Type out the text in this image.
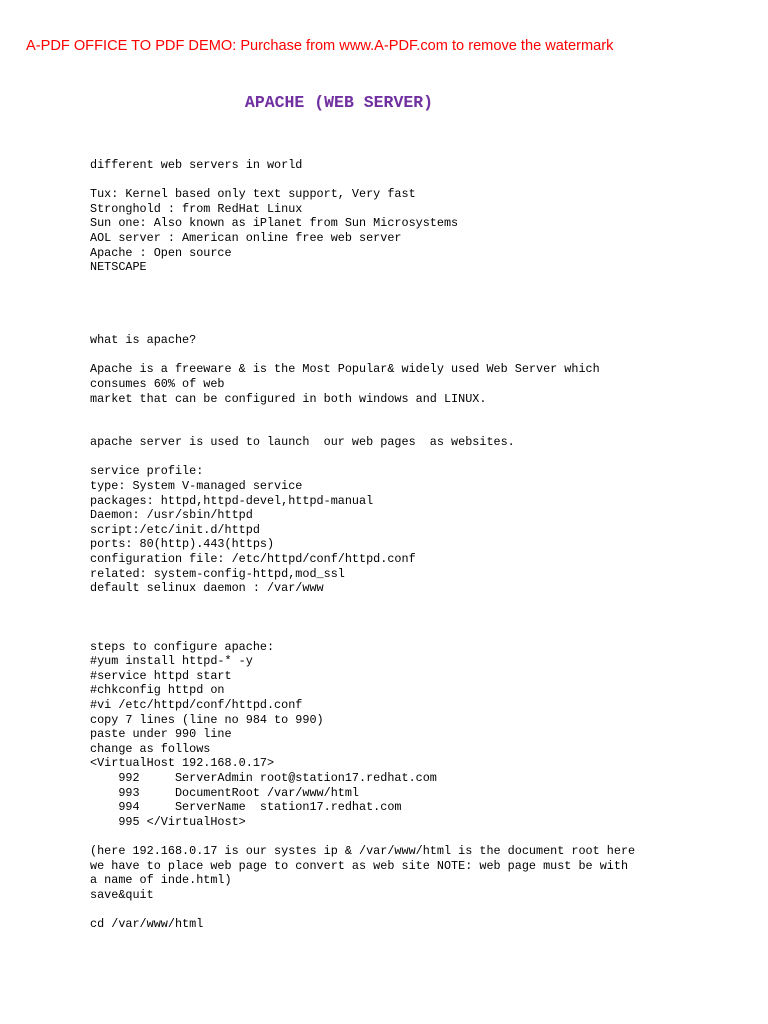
A-PDF OFFICE TO PDF DEMO: Purchase from www.A-PDF.com to remove the watermark
APACHE (WEB SERVER)
different web servers in world
Tux: Kernel based only text support, Very fast
Stronghold : from RedHat Linux
Sun one: Also known as iPlanet from Sun Microsystems
AOL server : American online free web server
Apache : Open source
NETSCAPE
what is apache?
Apache is a freeware & is the Most Popular& widely used Web Server which
consumes 60% of web
market that can be configured in both windows and LINUX.
apache server is used to launch  our web pages  as websites.
service profile:
type: System V-managed service
packages: httpd,httpd-devel,httpd-manual
Daemon: /usr/sbin/httpd
script:/etc/init.d/httpd
ports: 80(http).443(https)
configuration file: /etc/httpd/conf/httpd.conf
related: system-config-httpd,mod_ssl
default selinux daemon : /var/www
steps to configure apache:
#yum install httpd-* -y
#service httpd start
#chkconfig httpd on
#vi /etc/httpd/conf/httpd.conf
copy 7 lines (line no 984 to 990)
paste under 990 line
change as follows
<VirtualHost 192.168.0.17>
992     ServerAdmin root@station17.redhat.com
993     DocumentRoot /var/www/html
994     ServerName  station17.redhat.com
995 </VirtualHost>
(here 192.168.0.17 is our systes ip & /var/www/html is the document root here
we have to place web page to convert as web site NOTE: web page must be with
a name of inde.html)
save&quit
cd /var/www/html
